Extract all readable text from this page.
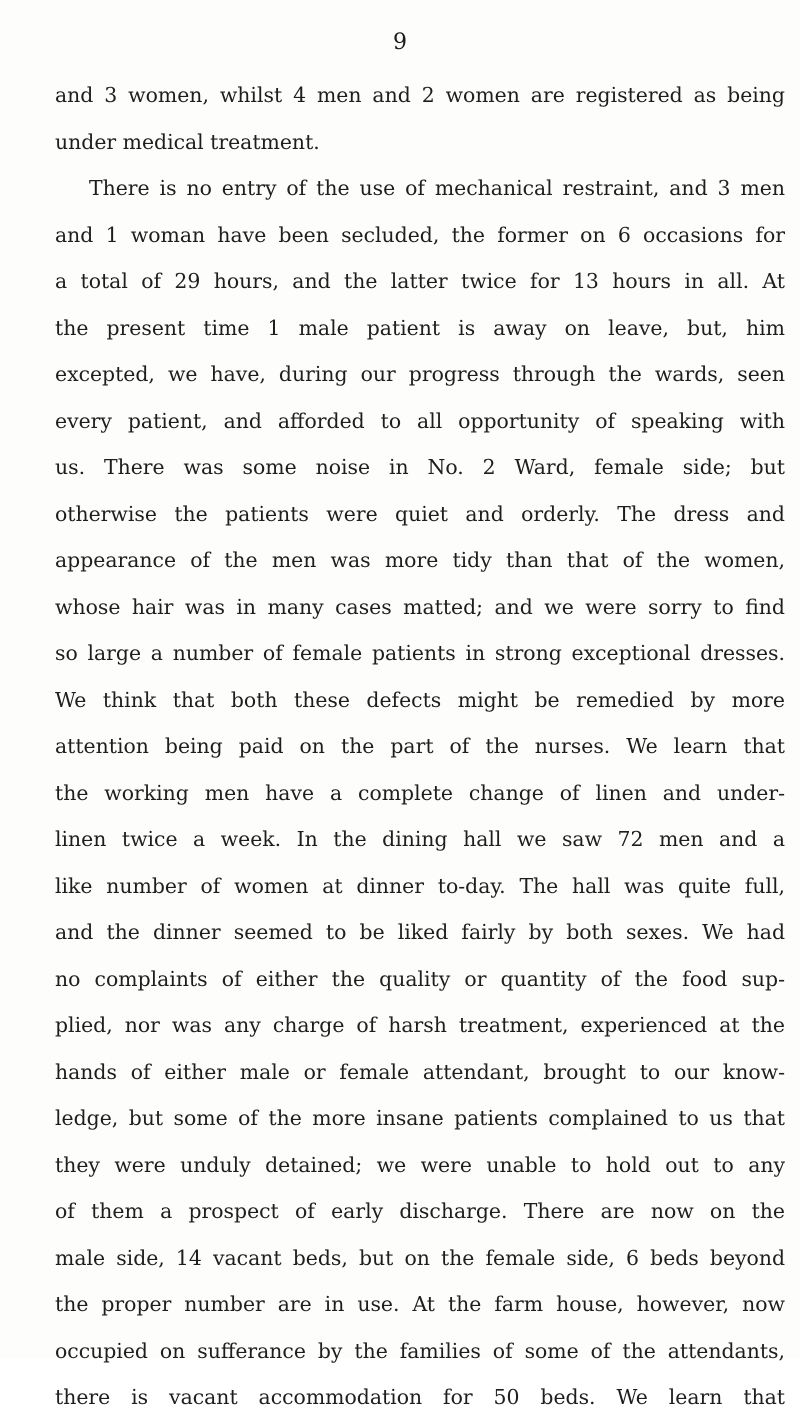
9
and 3 women, whilst 4 men and 2 women are registered as being
under medical treatment.
There is no entry of the use of mechanical restraint, and 3 men
and 1 woman have been secluded, the former on 6 occasions for
a total of 29 hours, and the latter twice for 13 hours in all. At
the present time 1 male patient is away on leave, but, him
excepted, we have, during our progress through the wards, seen
every patient, and afforded to all opportunity of speaking with
us. There was some noise in No. 2 Ward, female side; but
otherwise the patients were quiet and orderly. The dress and
appearance of the men was more tidy than that of the women,
whose hair was in many cases matted; and we were sorry to find
so large a number of female patients in strong exceptional dresses.
We think that both these defects might be remedied by more
attention being paid on the part of the nurses. We learn that
the working men have a complete change of linen and under-
linen twice a week. In the dining hall we saw 72 men and a
like number of women at dinner to-day. The hall was quite full,
and the dinner seemed to be liked fairly by both sexes. We had
no complaints of either the quality or quantity of the food sup-
plied, nor was any charge of harsh treatment, experienced at the
hands of either male or female attendant, brought to our know-
ledge, but some of the more insane patients complained to us that
they were unduly detained; we were unable to hold out to any
of them a prospect of early discharge. There are now on the
male side, 14 vacant beds, but on the female side, 6 beds beyond
the proper number are in use. At the farm house, however, now
occupied on sufferance by the families of some of the attendants,
there is vacant accommodation for 50 beds. We learn that
